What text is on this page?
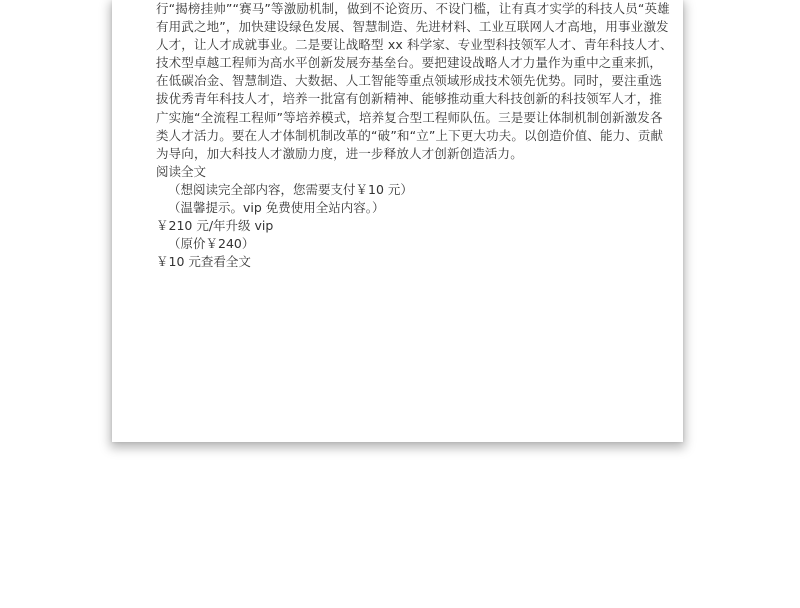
行“揭榜挂帅”“赛马”等激励机制，做到不论资历、不设门槛，让有真才实学的科技人员“英雄
有用武之地”，加快建设绿色发展、智慧制造、先进材料、工业互联网人才高地，用事业激发
人才，让人才成就事业。二是要让战略型 xx 科学家、专业型科技领军人才、青年科技人才、
技术型卓越工程师为高水平创新发展夯基垒台。要把建设战略人才力量作为重中之重来抓，
在低碳冶金、智慧制造、大数据、人工智能等重点领域形成技术领先优势。同时，要注重选
拔优秀青年科技人才，培养一批富有创新精神、能够推动重大科技创新的科技领军人才，推
广实施“全流程工程师”等培养模式，培养复合型工程师队伍。三是要让体制机制创新激发各
类人才活力。要在人才体制机制改革的“破”和“立”上下更大功夫。以创造价值、能力、贡献
为导向，加大科技人才激励力度，进一步释放人才创新创造活力。
阅读全文
（想阅读完全部内容，您需要支付￥10 元）
（温馨提示。vip 免费使用全站内容。）
￥210 元/年升级 vip
（原价￥240）
￥10 元查看全文
